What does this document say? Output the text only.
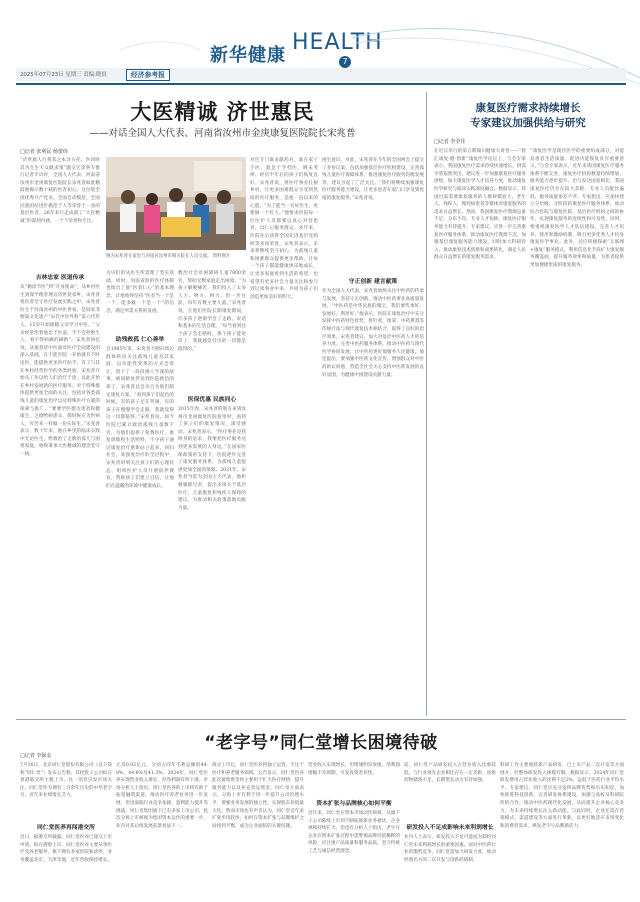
新华健康
HEALTH
7
2025年07月23日 星期三 责编:晓晨	经济参考报
大医精诚 济世惠民
——对话全国人大代表、河南省汝州市金庚康复医院院长宋兆普
□记者 张利民 杨蕾纬
“济世救人行将其之本详方托，医同时其为生生天众献求领”题交它诊各专推行记者专访时，全国人大代表、河南省汝州市金庚康复医院院长宋兆普如此精辟地揭示数十载的医者初心。这位集全国优秀共产党员、全国自动模范、全国民族团结进步模范于人等荣誉于一身的基层医者，26年来行走成就了“大医精诚”的深刻内涵。一个个荣誉和专注。
吉林忠家 医道传承
从“赖诊节医”到“升身使命”，从乡村医生到深学理者理宣济世爱家乡，宋兆普将医者坚守医疗发展实践之中。宋兆普医生于河南汝州的中医世家，是间家非物质文化遗产“宋氏中医外科”第六代传人，15岁开始跟随父亲学习中医。“父亲经常治着他忠于医道，手不会拒绝生人，看不得病痛的刷新”。宋兆普回忆说，从他普济中医面对医疗全面建设的深入基础，在不能医院一开始就有不时送医，能提供更多医疗助手。有了与其在乡村经营医学的各类经验，宋兆普开始从工作以给人们治疗于诊，以此开始在乡村发展新的医疗服务，对于特殊群体提供更加全面的关注，包括对各类孤残儿童的康复治疗以及特殊医疗方案的探索与推广。“要要学医德为患者和健康生，之德给病患众，都时候在为世病人，穷苦来一样做一份实际生。”宋兆普表示，数十年来，他在乡里的临床实践中无论医生，给救治了无数的孤儿与困难家庭，始终秉承大医精诚的理念坚守一线。
图为宋兆普在家里与河南省汝州市相关院长人员交流。 资料图片
为贝们的从医生所需理了坚实基础。同时，河南省阶的医疗体制也推出了他“医者仁心”的基本理念，让他始终坚持“医者当一个是一个，能多救一个是一个”的信念，满足所需关系的发展。
助残救孤 仁心善举
自1985年来，宋兆普不断向周边群体转向关注孤残儿童及其家庭，以功能性变革的方式会诊让，留下了一段段感人至深的故事。被同龄伙伴送到医院救治的孩子，宋兆普总会亲自为他们制定康复方案。“看到孩子们起色的时候，有的孩子还在哭闹，有的孩子在慢慢学会走路，我就觉得这一切都值得。”宋兆普说。如今医院已累计救治孤残儿童数千名，为他们提供了免费医疗、康复训练和生活照料，不少孩子通过康复治疗重新站立起来，回归社会。高强度治疗的全过程中，宋兆普时刻关注孩子们的心理状态，组织医护人员开展陪伴教育，帮助孩子们建立自信，让他们在温暖的环境中健康成长。
数治社会贫困障碍儿童7800余名，帮助无数家庭走出困境。“为孩子解脱痛苦，我们投入了太多人力、物力、财力，但一步往前，每年有数主要儿童。”宋兆普说，在他们医院长期康复期间，许多孩子逐渐学会了走路、说话和基本的生活自理。“每当看到这个孩子会走路时，那个孩子能说话了，我就感觉付出的一切都是值得的。”
医保优惠 民族同心
2015年春，宋兆普的朋友来到汝州市金庚康复医院看望时，看到了孩子们的康复情况，深受感动。宋兆普表示，“医疗事业是我终身的追求，我要把医疗服务送到更多需要的人身边。”在国家医保政策的支持下，医院逐步完善了康复服务体系，为孤残儿童提供更加全面的保障。2021年，宋兆普当选为全国人大代表，他积极履职尽责，提出多项关于基层医疗、儿童康复和残疾人保障的建议，为推动相关政策落地贡献力量。
对还专门谁来献药对，谁在家子不医，就足于手档医，晓末考律、经历半年后的孩子们恢复良好。宋兆普说，将医疗事业扎根乡村，让更多困难群众享受到优质的医疗服务，是他一直以来的心愿。“为了能当一名好医生，更要做一个好人。”他要求医院每一位医护人员都要以真心对待患者，以仁心服务群众。多年来，医院先后获得全国先进基层党组织等多项荣誉。宋兆普表示，未来将继续坚守初心，为孤残儿童和困难群众提供更多帮助，让每一个孩子都能健康快乐地成长，让更多家庭看到生活的希望，也希望有更多社会力量关注和参与到这项事业中来，共同为孩子们创造更加美好的明天。
困生意识，对此，宋兆普在今年的全国两会上提交了多份议案，包括加强基层医疗机构建设、完善孤残儿童医疗保障体系、推进康复医疗服务均衡发展等，建议引起了广泛关注。“我们将继续加强康复医疗服务能力建设，让更多患者在家门口享受到优质的康复服务。”宋兆普说。
守正创新 建言献策
作为全国人大代表，宋兆普始终关注中医药的传承与发展，坚持守正创新，推动中医药事业高质量发展。“中医药是中华民族的瑰宝，我们要传承好、发展好、利用好。”他表示，医院在康复治疗中充分发挥中医药特色优势，将针灸、推拿、中药熏蒸等传统疗法与现代康复技术相结合，取得了良好的治疗效果。宋兆普建议，加大对基层中医药人才的培养力度，完善中医药服务体系，推动中医药与现代医学协同发展，让中医药更好地服务人民健康。他还提出，要加强中医药文化宣传，增强群众对中医药的认同感，营造全社会关心支持中医药发展的良好氛围，为健康中国建设贡献力量。
康复医疗需求持续增长
专家建议加强供给与研究
□记者 李莹佳
在近日举行的第五期瑞川健康大讲堂——“智汇康复·健·创新”康复医学论坛上，与会专家表示，我国康复医疗需求持续快速增长，供需矛盾依然突出，建议进一步加强康复医疗服务供给，加大康复医学人才培养力度，推动康复医学研究与临床实践深度融合。数据显示，我国目前需要康复服务的人群规模较大，老年人、残疾人、慢性病患者等群体对康复服务的需求日益增长。然而，我国康复医疗资源总量不足、分布不均，专业人才短缺，康复医疗服务能力有待提升。专家建议，应进一步完善康复医疗服务体系，推动康复医疗资源下沉，加强基层康复服务能力建设，同时加大科研投入，推动康复技术创新和成果转化，满足人民群众日益增长的康复服务需求。
“康复医学是现代医学的重要组成部分，对提高患者生活质量、促进功能恢复具有重要意义。”与会专家表示，近年来我国康复医疗服务体系不断完善，康复医疗机构数量持续增加，服务能力逐步提升。但与发达国家相比，我国康复医疗仍存在较大差距，专业人员配比偏低，服务质量参差不齐。专家指出，应加快建立分层级、分阶段的康复医疗服务体系，推动综合医院与康复医院、基层医疗机构之间的协作，实现康复服务的连续性和可及性。同时，要重视康复医学人才队伍建设，完善人才培养、使用和激励机制，吸引更多优秀人才投身康复医学事业。此外，还应积极探索“互联网+康复”服务模式，利用信息化手段扩大康复服务覆盖面，提升服务效率和质量，为患者提供更加便捷优质的康复服务。
“老字号”同仁堂增长困境待破
□记者 李保金
7月16日，北京同仁堂股份有限公司（以下简称“同仁堂”）发布公告称，其控股子公司拟在香港联交所主板上市。这一消息引发市场关注，同仁堂作为拥有三百余年历史的中华老字号，近年来业绩增长乏力。
同仁堂医养再闯港交所
近日，据港交所披露，同仁堂医养已递交上市申请，拟在港股上市。同仁堂医养主要从事医疗及养老服务，旗下拥有多家医院和诊所，业务覆盖北京、天津等地，近年营收保持增长。
元及0.02亿元，分别占同年毛利总额的44.8%、44.6%及41.3%。2024年，同仁堂医养实现营业收入增长，但净利润有所下滑。市场分析人士指出，同仁堂医养的上市将有助于拓宽融资渠道，推动医疗养老业务进一步发展，但也面临行业竞争加剧、盈利能力提升等挑战。同仁堂集团旗下已有多家上市公司，此次分拆上市被视为集团资本运作的重要一步，业内对其后续发展前景看法不一。
拆分上市后，同仁堂医养将独立运营，专注于医疗和养老服务领域。公告显示，同仁堂医养此次募集资金将主要用于扩大医疗网络、提升服务能力以及补充营运资金。同仁堂方面表示，分拆上市有利于进一步提升公司治理水平，增强业务发展的独立性，实现股东价值最大化。然而市场也有声音认为，同仁堂近年来扩张步伐较快，如何在资本扩张与品牌维护之间找到平衡，成为企业面临的关键问题。
营业收入实现增长，但增速明显放缓，净利润增幅不及预期，引发投资者担忧。
资本扩张与品牌核心如何平衡
近年来，同仁堂在资本市场动作频频，从旗下子公司陆续上市到不断拓展新业务板块，企业规模持续扩大。但也有分析人士指出，老字号企业在资本扩张过程中需警惕品牌价值稀释的风险，应注重产品质量和服务品质，坚守传统工艺与诚信经营理念。
前，同仁堂产品研发投入占营业收入比重较低，与行业领先企业相比存在一定差距，创新药物储备不足，长期增长动力有待加强。
研发投入不足成影响未来利润增长
业内人士表示，研发投入不足可能成为制约同仁堂未来利润增长的重要因素。面对中医药行业的激烈竞争，同仁堂需加大研发力度，推动经典名方的二次开发与创新药研制。
科研工作主要围绕新产品研发、已上市产品二次开发等方面展开，但整体研发投入规模有限。数据显示，2024年同仁堂研发费用占营业收入的比例不足2%，远低于医药行业平均水平。专家建议，同仁堂应充分发挥品牌优势和历史积淀，加快推进科技创新，完善研发体系建设，加强与高校及科研院所的合作，推动中医药现代化发展，从而提升企业核心竞争力，为未来持续增长注入新动能。与此同时，企业还需在营销模式、渠道建设等方面进行革新，以更好地适应市场变化和消费者需求，焕发老字号品牌新活力。
